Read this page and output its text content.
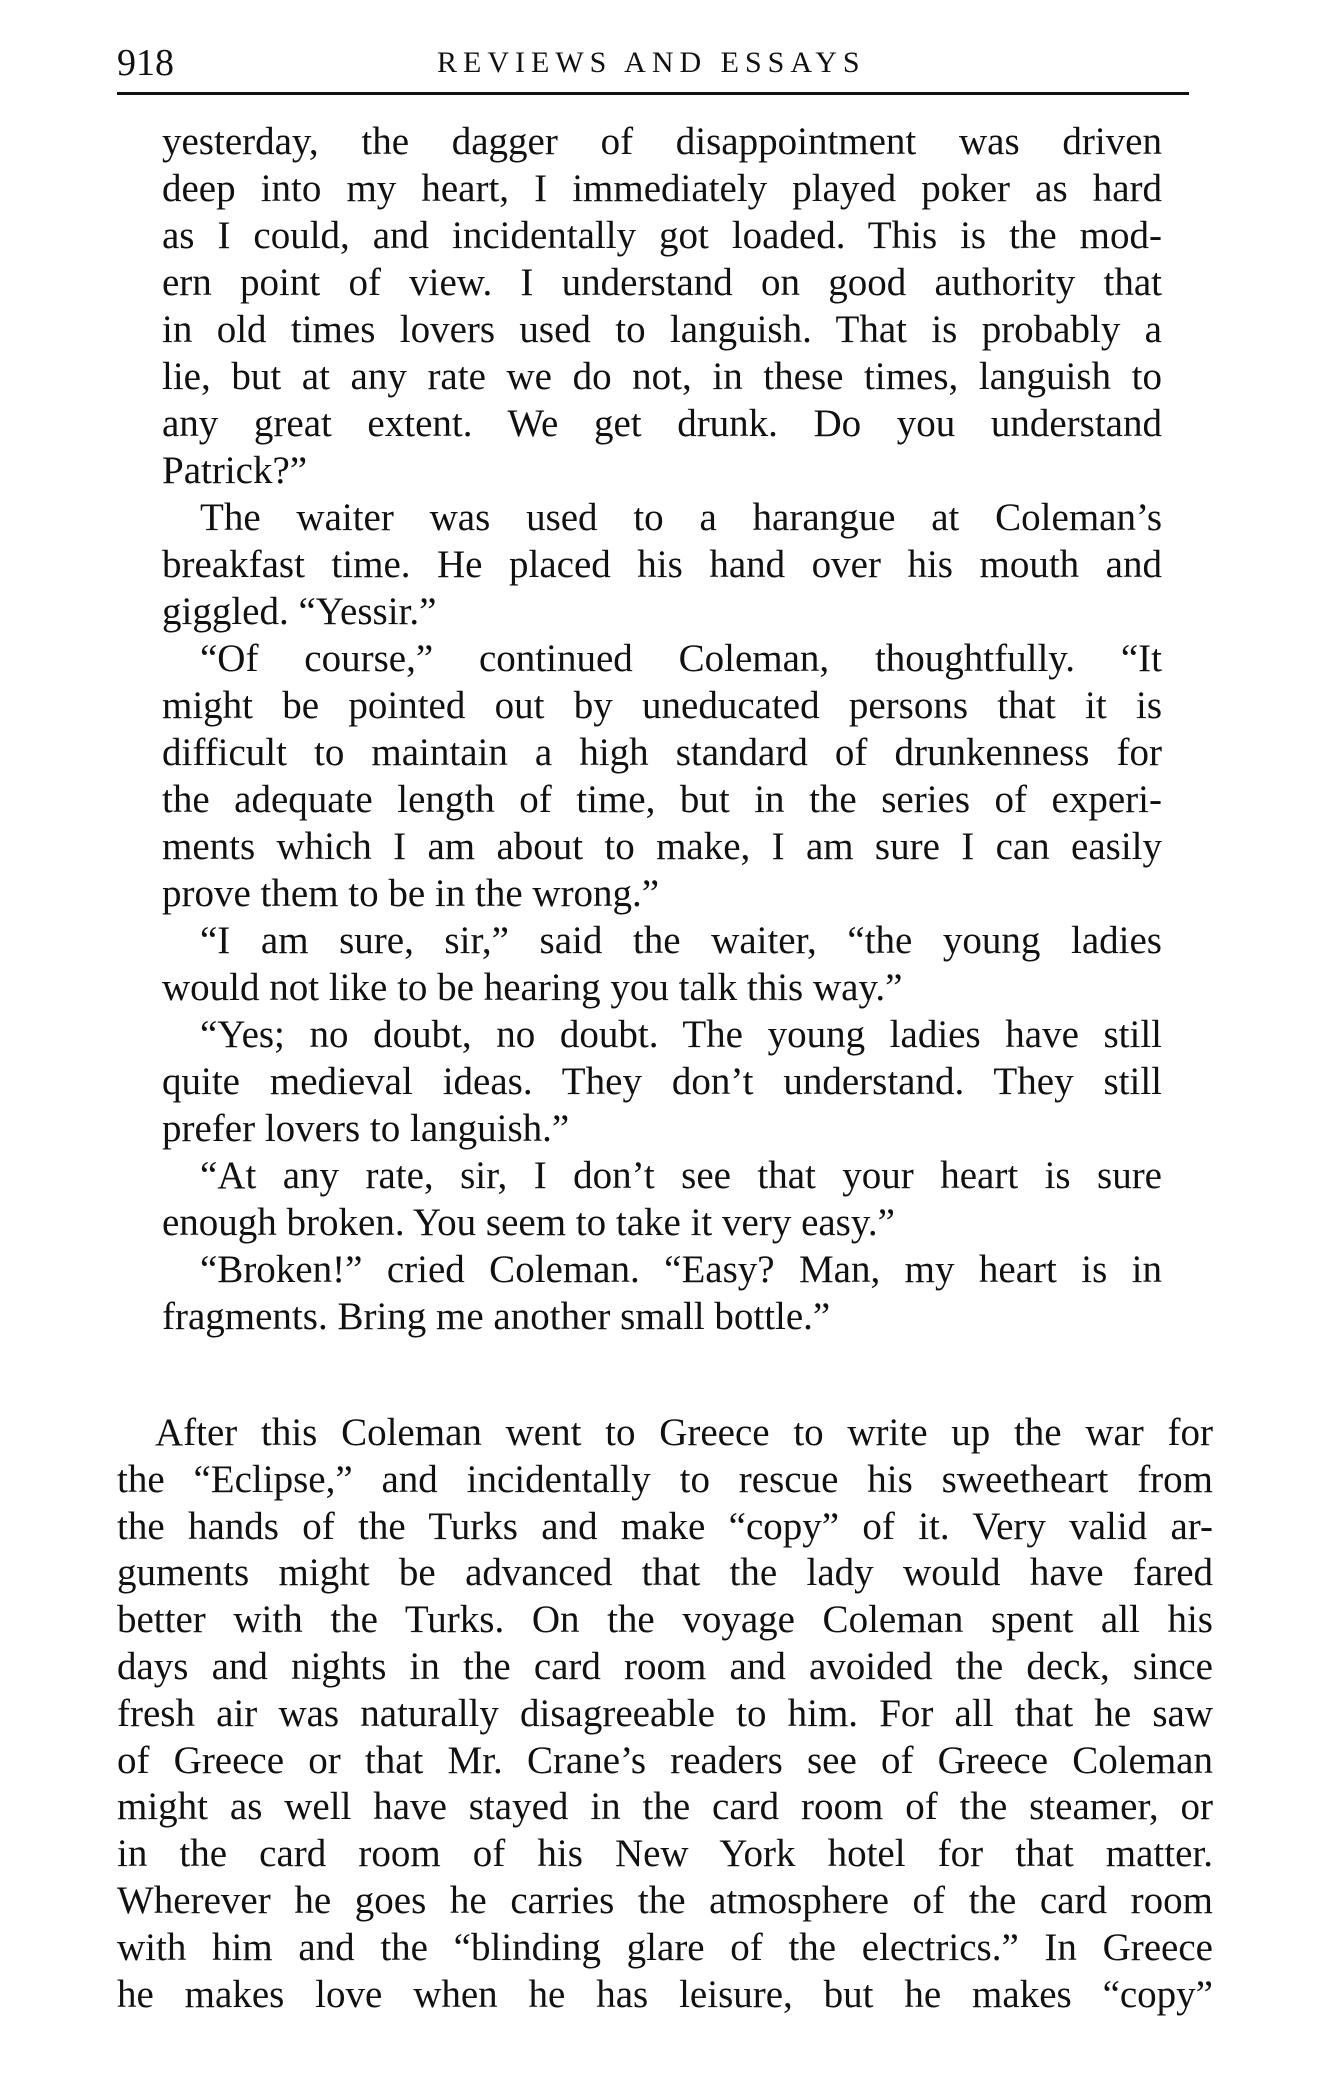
918	REVIEWS AND ESSAYS
yesterday, the dagger of disappointment was driven
deep into my heart, I immediately played poker as hard
as I could, and incidentally got loaded. This is the mod-
ern point of view. I understand on good authority that
in old times lovers used to languish. That is probably a
lie, but at any rate we do not, in these times, languish to
any great extent. We get drunk. Do you understand
Patrick?”
The waiter was used to a harangue at Coleman’s
breakfast time. He placed his hand over his mouth and
giggled. “Yessir.”
“Of course,” continued Coleman, thoughtfully. “It
might be pointed out by uneducated persons that it is
difficult to maintain a high standard of drunkenness for
the adequate length of time, but in the series of experi-
ments which I am about to make, I am sure I can easily
prove them to be in the wrong.”
“I am sure, sir,” said the waiter, “the young ladies
would not like to be hearing you talk this way.”
“Yes; no doubt, no doubt. The young ladies have still
quite medieval ideas. They don’t understand. They still
prefer lovers to languish.”
“At any rate, sir, I don’t see that your heart is sure
enough broken. You seem to take it very easy.”
“Broken!” cried Coleman. “Easy? Man, my heart is in
fragments. Bring me another small bottle.”
After this Coleman went to Greece to write up the war for
the “Eclipse,” and incidentally to rescue his sweetheart from
the hands of the Turks and make “copy” of it. Very valid ar-
guments might be advanced that the lady would have fared
better with the Turks. On the voyage Coleman spent all his
days and nights in the card room and avoided the deck, since
fresh air was naturally disagreeable to him. For all that he saw
of Greece or that Mr. Crane’s readers see of Greece Coleman
might as well have stayed in the card room of the steamer, or
in the card room of his New York hotel for that matter.
Wherever he goes he carries the atmosphere of the card room
with him and the “blinding glare of the electrics.” In Greece
he makes love when he has leisure, but he makes “copy”
